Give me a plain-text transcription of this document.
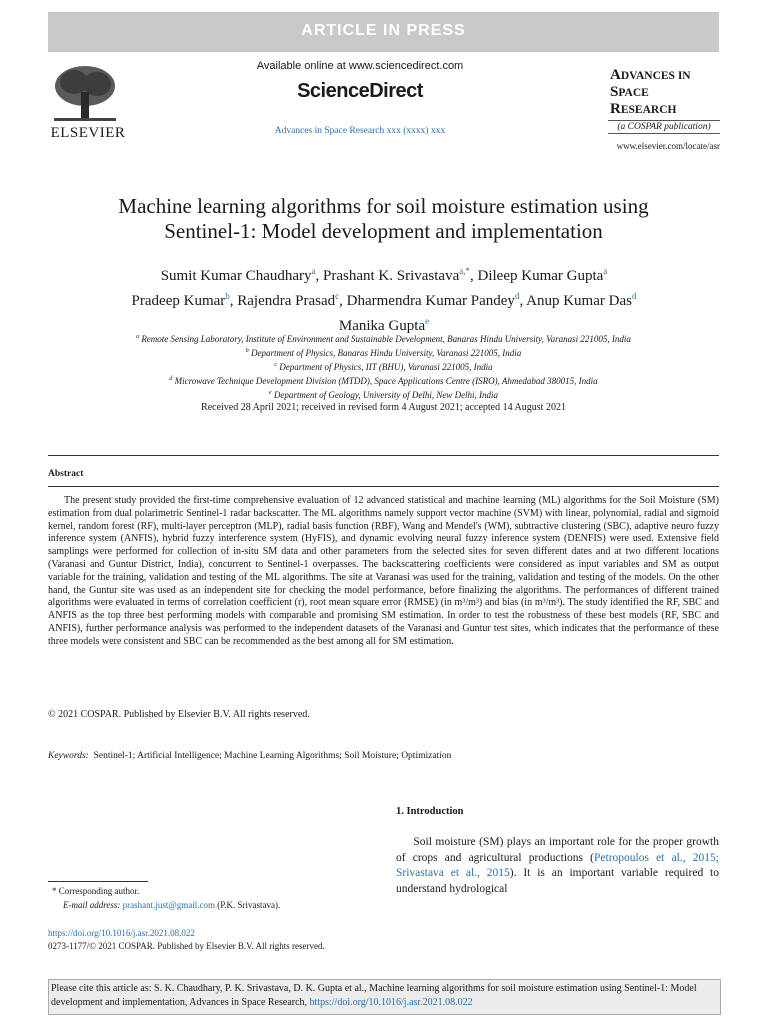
ARTICLE IN PRESS
ELSEVIER
Available online at www.sciencedirect.com
ScienceDirect
Advances in Space Research xxx (xxxx) xxx
ADVANCES IN
SPACE
RESEARCH
(a COSPAR publication)
www.elsevier.com/locate/asr
Machine learning algorithms for soil moisture estimation using
Sentinel-1: Model development and implementation
Sumit Kumar Chaudhary$^a$, Prashant K. Srivastava$^{a,*}$, Dileep Kumar Gupta$^a$
Pradeep Kumar$^b$, Rajendra Prasad$^c$, Dharmendra Kumar Pandey$^d$, Anup Kumar Das$^d$
Manika Gupta$^e$
$^a$ Remote Sensing Laboratory, Institute of Environment and Sustainable Development, Banaras Hindu University, Varanasi 221005, India
$^b$ Department of Physics, Banaras Hindu University, Varanasi 221005, India
$^c$ Department of Physics, IIT (BHU), Varanasi 221005, India
$^d$ Microwave Technique Development Division (MTDD), Space Applications Centre (ISRO), Ahmedabad 380015, India
$^e$ Department of Geology, University of Delhi, New Delhi, India
Received 28 April 2021; received in revised form 4 August 2021; accepted 14 August 2021
Abstract

The present study provided the first-time comprehensive evaluation of 12 advanced statistical and machine learning (ML) algorithms for the Soil Moisture (SM) estimation from dual polarimetric Sentinel-1 radar backscatter. The ML algorithms namely support vector machine (SVM) with linear, polynomial, radial and sigmoid kernel, random forest (RF), multi-layer perceptron (MLP), radial basis function (RBF), Wang and Mendel's (WM), subtractive clustering (SBC), adaptive neuro fuzzy inference system (ANFIS), hybrid fuzzy interference system (HyFIS), and dynamic evolving neural fuzzy inference system (DENFIS) were used. Extensive field samplings were performed for collection of in-situ SM data and other parameters from the selected sites for seven different dates and at two different locations (Varanasi and Guntur District, India), concurrent to Sentinel-1 overpasses. The backscattering coefficients were considered as input variables and SM as output variable for the training, validation and testing of the ML algorithms. The site at Varanasi was used for the training, validation and testing of the models. On the other hand, the Guntur site was used as an independent site for checking the model performance, before finalizing the algorithms. The performances of different trained algorithms were evaluated in terms of correlation coefficient (r), root mean square error (RMSE) (in m³/m³) and bias (in m³/m³). The study identified the RF, SBC and ANFIS as the top three best performing models with comparable and promising SM estimation. In order to test the robustness of these best models (RF, SBC and ANFIS), further performance analysis was performed to the independent datasets of the Varanasi and Guntur test sites, which indicates that the performance of these three models were consistent and SBC can be recommended as the best among all for SM estimation.

© 2021 COSPAR. Published by Elsevier B.V. All rights reserved.
Keywords: Sentinel-1; Artificial Intelligence; Machine Learning Algorithms; Soil Moisture; Optimization
1. Introduction
Soil moisture (SM) plays an important role for the proper growth of crops and agricultural productions (Petropoulos et al., 2015; Srivastava et al., 2015). It is an important variable required to understand hydrological
* Corresponding author.
E-mail address: prashant.just@gmail.com (P.K. Srivastava).
https://doi.org/10.1016/j.asr.2021.08.022
0273-1177/© 2021 COSPAR. Published by Elsevier B.V. All rights reserved.
Please cite this article as: S. K. Chaudhary, P. K. Srivastava, D. K. Gupta et al., Machine learning algorithms for soil moisture estimation using Sentinel-1: Model development and implementation, Advances in Space Research, https://doi.org/10.1016/j.asr.2021.08.022
